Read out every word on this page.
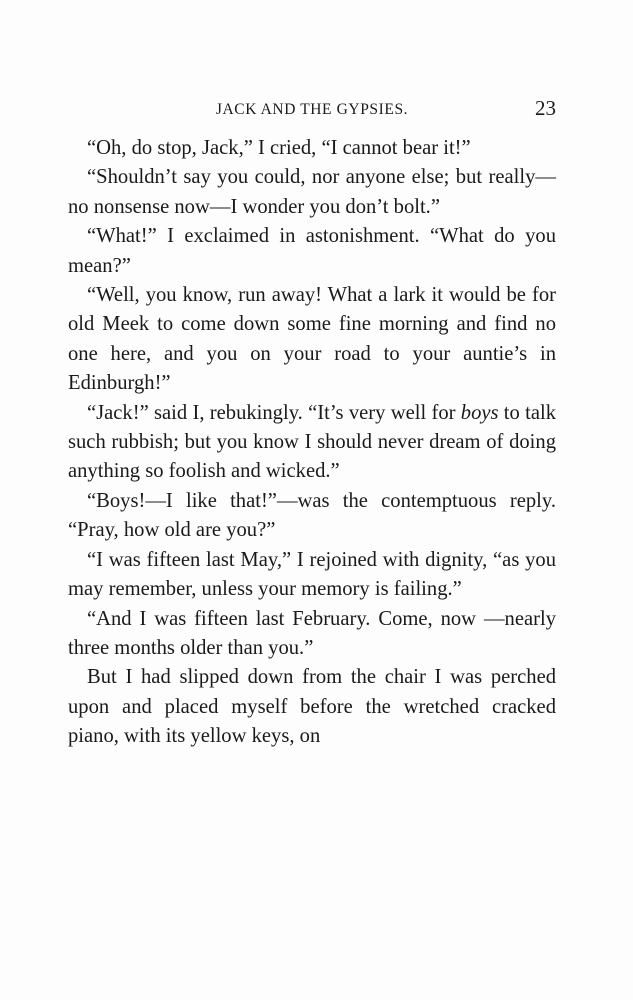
JACK AND THE GYPSIES.	23

“Oh, do stop, Jack,” I cried, “I cannot bear it!”

“Shouldn’t say you could, nor anyone else; but really—no nonsense now—I wonder you don’t bolt.”

“What!” I exclaimed in astonishment. “What do you mean?”

“Well, you know, run away! What a lark it would be for old Meek to come down some fine morning and find no one here, and you on your road to your auntie’s in Edinburgh!”

“Jack!” said I, rebukingly. “It’s very well for boys to talk such rubbish; but you know I should never dream of doing anything so foolish and wicked.”

“Boys!—I like that!”—was the contemptuous reply. “Pray, how old are you?”

“I was fifteen last May,” I rejoined with dignity, “as you may remember, unless your memory is failing.”

“And I was fifteen last February. Come, now —nearly three months older than you.”

But I had slipped down from the chair I was perched upon and placed myself before the wretched cracked piano, with its yellow keys, on
